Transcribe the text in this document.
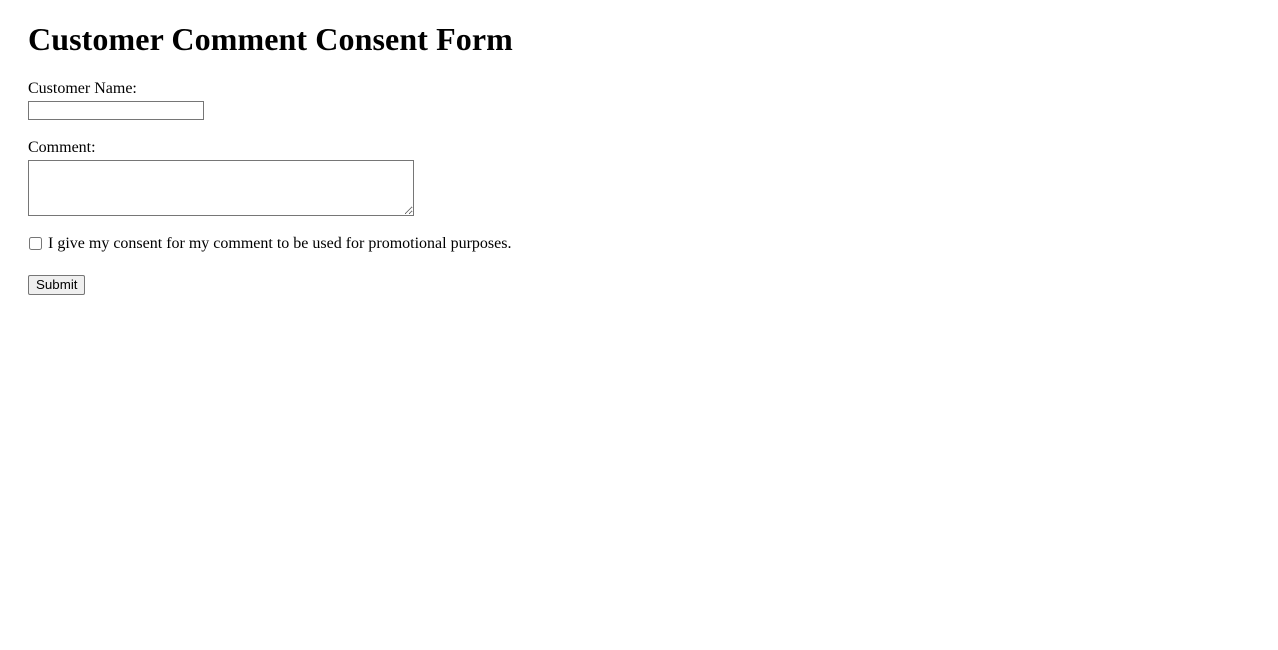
Customer Comment Consent Form
Customer Name:
Comment:
I give my consent for my comment to be used for promotional purposes.
Submit
